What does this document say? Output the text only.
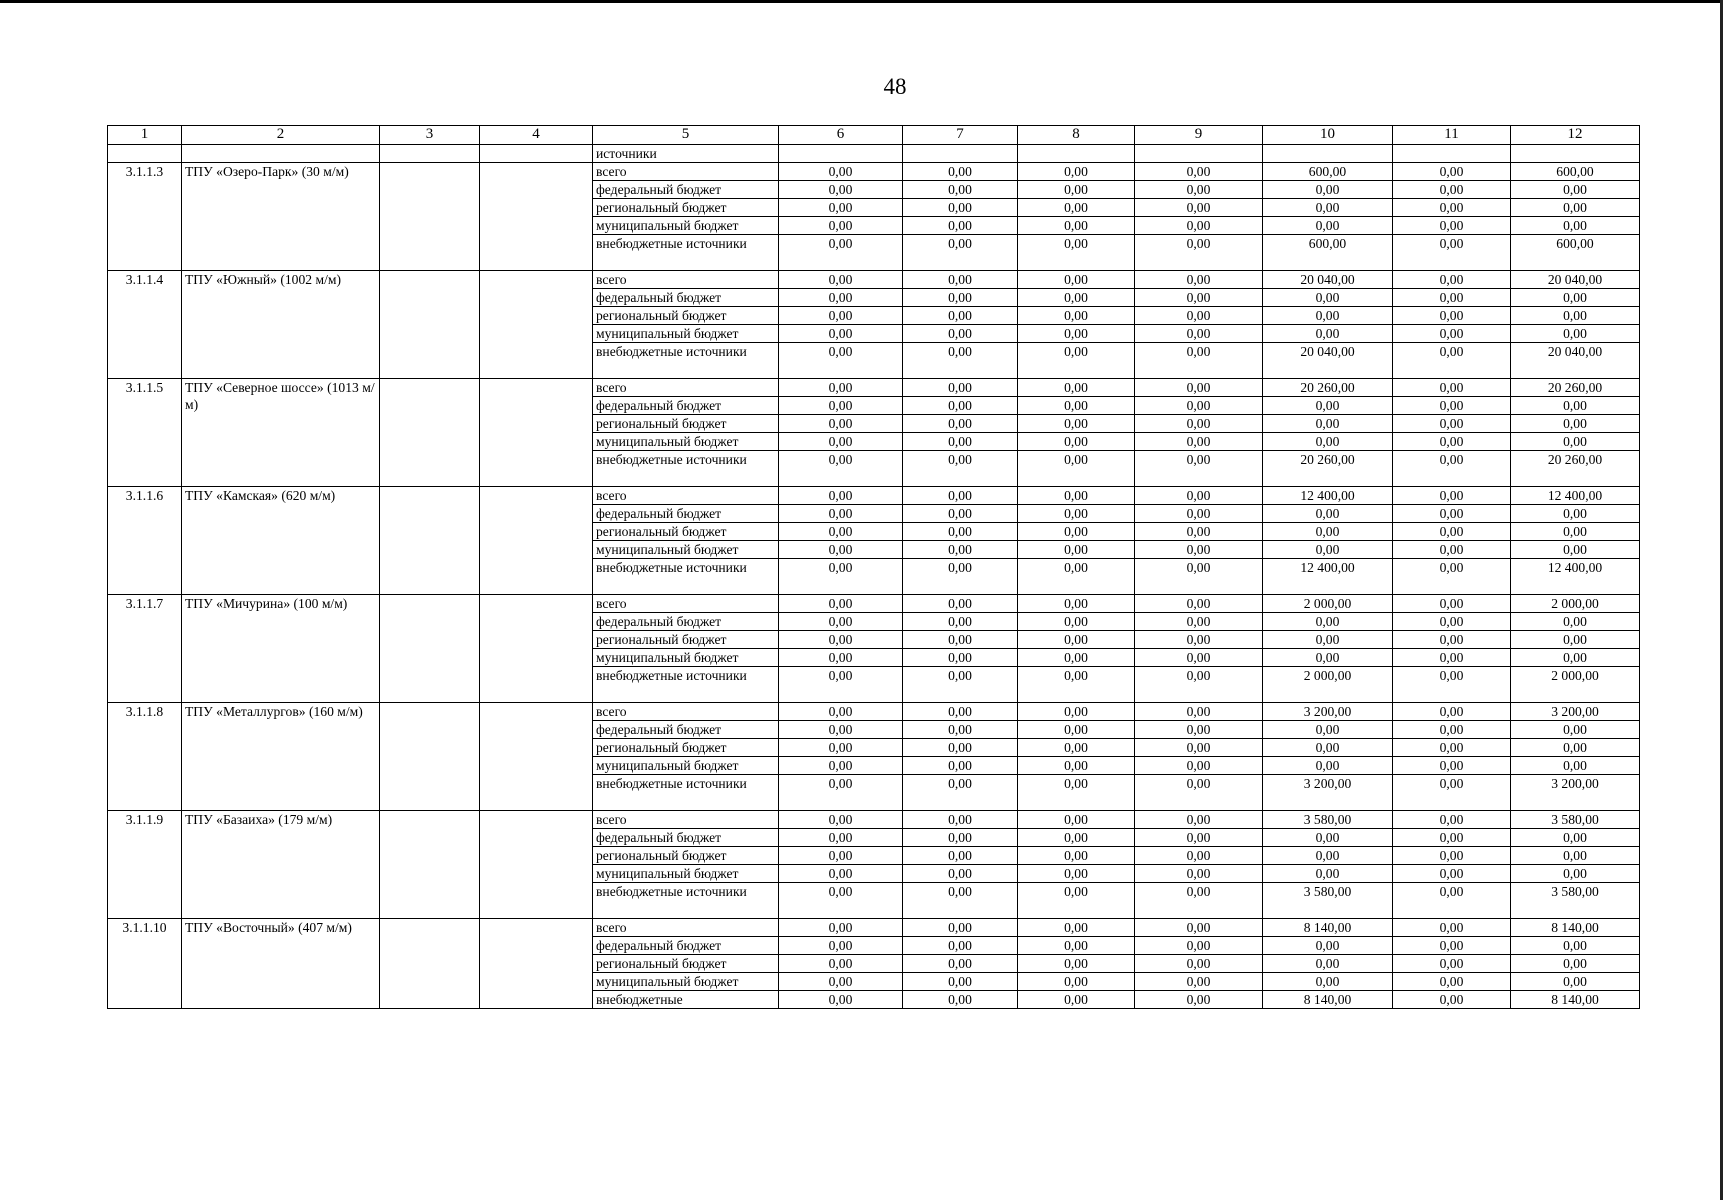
48
1	2	3	4	5	6	7	8	9	10	11	12
				источники							
3.1.1.3	ТПУ «Озеро-Парк» (30 м/м)			всего	0,00	0,00	0,00	0,00	600,00	0,00	600,00
				федеральный бюджет	0,00	0,00	0,00	0,00	0,00	0,00	0,00
				региональный бюджет	0,00	0,00	0,00	0,00	0,00	0,00	0,00
				муниципальный бюджет	0,00	0,00	0,00	0,00	0,00	0,00	0,00
				внебюджетные источники	0,00	0,00	0,00	0,00	600,00	0,00	600,00
3.1.1.4	ТПУ «Южный» (1002 м/м)			всего	0,00	0,00	0,00	0,00	20 040,00	0,00	20 040,00
				федеральный бюджет	0,00	0,00	0,00	0,00	0,00	0,00	0,00
				региональный бюджет	0,00	0,00	0,00	0,00	0,00	0,00	0,00
				муниципальный бюджет	0,00	0,00	0,00	0,00	0,00	0,00	0,00
				внебюджетные источники	0,00	0,00	0,00	0,00	20 040,00	0,00	20 040,00
3.1.1.5	ТПУ «Северное шоссе» (1013 м/м)			всего	0,00	0,00	0,00	0,00	20 260,00	0,00	20 260,00
				федеральный бюджет	0,00	0,00	0,00	0,00	0,00	0,00	0,00
				региональный бюджет	0,00	0,00	0,00	0,00	0,00	0,00	0,00
				муниципальный бюджет	0,00	0,00	0,00	0,00	0,00	0,00	0,00
				внебюджетные источники	0,00	0,00	0,00	0,00	20 260,00	0,00	20 260,00
3.1.1.6	ТПУ «Камская» (620 м/м)			всего	0,00	0,00	0,00	0,00	12 400,00	0,00	12 400,00
				федеральный бюджет	0,00	0,00	0,00	0,00	0,00	0,00	0,00
				региональный бюджет	0,00	0,00	0,00	0,00	0,00	0,00	0,00
				муниципальный бюджет	0,00	0,00	0,00	0,00	0,00	0,00	0,00
				внебюджетные источники	0,00	0,00	0,00	0,00	12 400,00	0,00	12 400,00
3.1.1.7	ТПУ «Мичурина» (100 м/м)			всего	0,00	0,00	0,00	0,00	2 000,00	0,00	2 000,00
				федеральный бюджет	0,00	0,00	0,00	0,00	0,00	0,00	0,00
				региональный бюджет	0,00	0,00	0,00	0,00	0,00	0,00	0,00
				муниципальный бюджет	0,00	0,00	0,00	0,00	0,00	0,00	0,00
				внебюджетные источники	0,00	0,00	0,00	0,00	2 000,00	0,00	2 000,00
3.1.1.8	ТПУ «Металлургов» (160 м/м)			всего	0,00	0,00	0,00	0,00	3 200,00	0,00	3 200,00
				федеральный бюджет	0,00	0,00	0,00	0,00	0,00	0,00	0,00
				региональный бюджет	0,00	0,00	0,00	0,00	0,00	0,00	0,00
				муниципальный бюджет	0,00	0,00	0,00	0,00	0,00	0,00	0,00
				внебюджетные источники	0,00	0,00	0,00	0,00	3 200,00	0,00	3 200,00
3.1.1.9	ТПУ «Базаиха» (179 м/м)			всего	0,00	0,00	0,00	0,00	3 580,00	0,00	3 580,00
				федеральный бюджет	0,00	0,00	0,00	0,00	0,00	0,00	0,00
				региональный бюджет	0,00	0,00	0,00	0,00	0,00	0,00	0,00
				муниципальный бюджет	0,00	0,00	0,00	0,00	0,00	0,00	0,00
				внебюджетные источники	0,00	0,00	0,00	0,00	3 580,00	0,00	3 580,00
3.1.1.10	ТПУ «Восточный» (407 м/м)			всего	0,00	0,00	0,00	0,00	8 140,00	0,00	8 140,00
				федеральный бюджет	0,00	0,00	0,00	0,00	0,00	0,00	0,00
				региональный бюджет	0,00	0,00	0,00	0,00	0,00	0,00	0,00
				муниципальный бюджет	0,00	0,00	0,00	0,00	0,00	0,00	0,00
				внебюджетные	0,00	0,00	0,00	0,00	8 140,00	0,00	8 140,00
